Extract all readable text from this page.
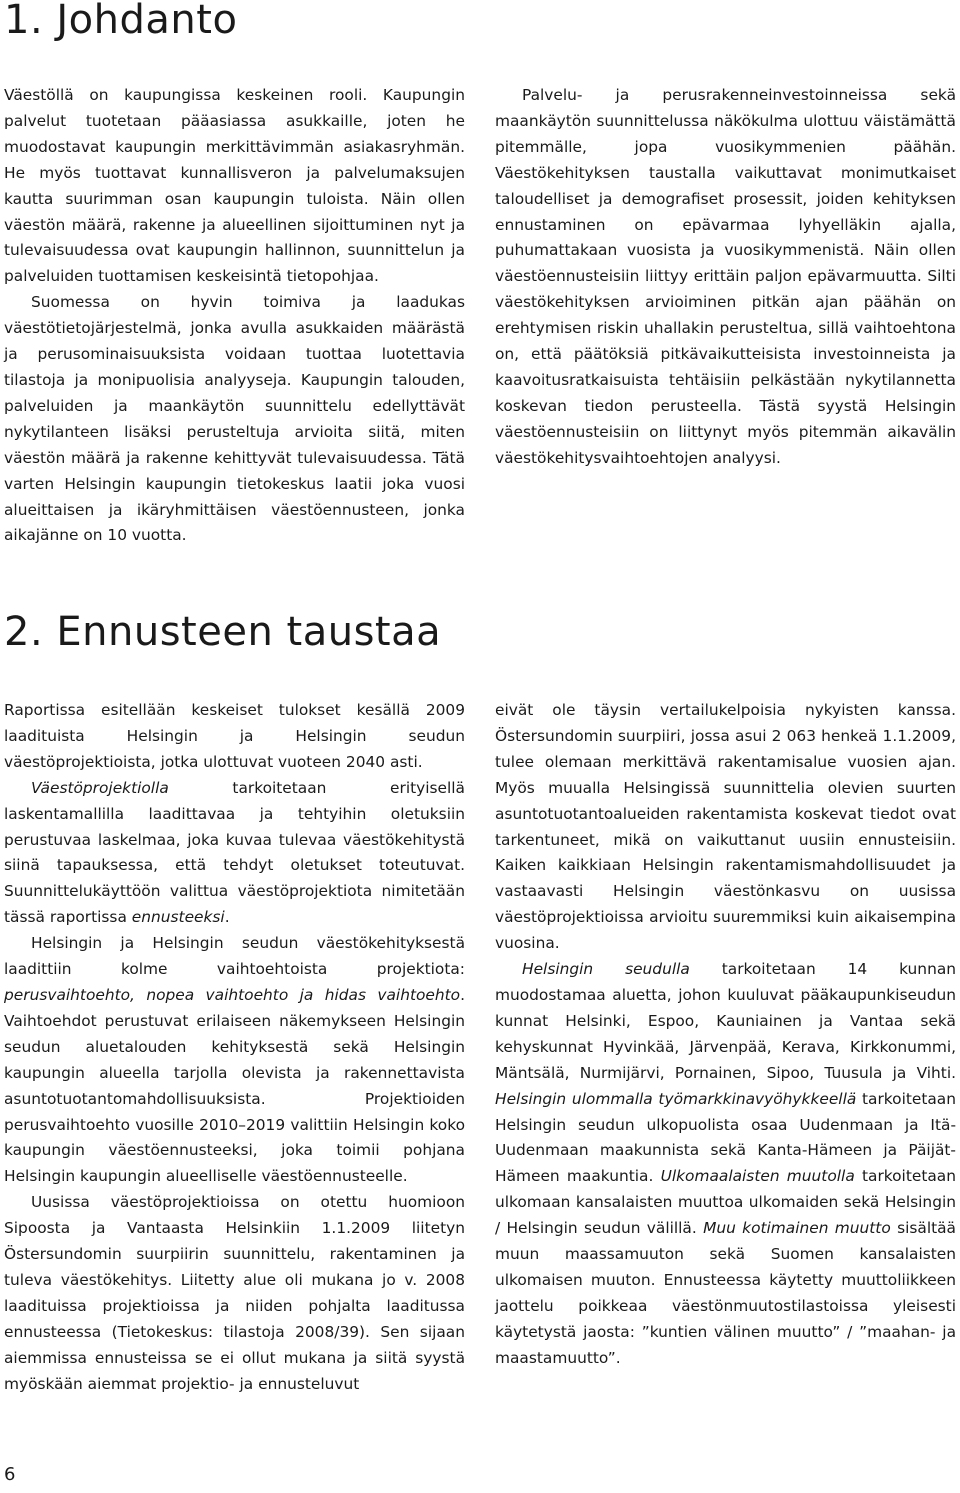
1. Johdanto

Väestöllä on kaupungissa keskeinen rooli. Kaupungin palvelut tuotetaan pääasiassa asukkaille, joten he muodostavat kaupungin merkittävimmän asiakasryhmän. He myös tuottavat kunnallisveron ja palvelumaksujen kautta suurimman osan kaupungin tuloista. Näin ollen väestön määrä, rakenne ja alueellinen sijoittuminen nyt ja tulevaisuudessa ovat kaupungin hallinnon, suunnittelun ja palveluiden tuottamisen keskeisintä tietopohjaa.

Suomessa on hyvin toimiva ja laadukas väestötietojärjestelmä, jonka avulla asukkaiden määrästä ja perusominaisuuksista voidaan tuottaa luotettavia tilastoja ja monipuolisia analyyseja. Kaupungin talouden, palveluiden ja maankäytön suunnittelu edellyttävät nykytilanteen lisäksi perusteltuja arvioita siitä, miten väestön määrä ja rakenne kehittyvät tulevaisuudessa. Tätä varten Helsingin kaupungin tietokeskus laatii joka vuosi alueittaisen ja ikäryhmittäisen väestöennusteen, jonka aikajänne on 10 vuotta.

Palvelu- ja perusrakenneinvestoinneissa sekä maankäytön suunnittelussa näkökulma ulottuu väistämättä pitemmälle, jopa vuosikymmenien päähän. Väestökehityksen taustalla vaikuttavat monimutkaiset taloudelliset ja demografiset prosessit, joiden kehityksen ennustaminen on epävarmaa lyhyelläkin ajalla, puhumattakaan vuosista ja vuosikymmenistä. Näin ollen väestöennusteisiin liittyy erittäin paljon epävarmuutta. Silti väestökehityksen arvioiminen pitkän ajan päähän on erehtymisen riskin uhallakin perusteltua, sillä vaihtoehtona on, että päätöksiä pitkävaikutteisista investoinneista ja kaavoitusratkaisuista tehtäisiin pelkästään nykytilannetta koskevan tiedon perusteella. Tästä syystä Helsingin väestöennusteisiin on liittynyt myös pitemmän aikavälin väestökehitysvaihtoehtojen analyysi.

2. Ennusteen taustaa

Raportissa esitellään keskeiset tulokset kesällä 2009 laadituista Helsingin ja Helsingin seudun väestöprojektioista, jotka ulottuvat vuoteen 2040 asti.

Väestöprojektiolla tarkoitetaan erityisellä laskentamallilla laadittavaa ja tehtyihin oletuksiin perustuvaa laskelmaa, joka kuvaa tulevaa väestökehitystä siinä tapauksessa, että tehdyt oletukset toteutuvat. Suunnittelukäyttöön valittua väestöprojektiota nimitetään tässä raportissa ennusteeksi.

Helsingin ja Helsingin seudun väestökehityksestä laadittiin kolme vaihtoehtoista projektiota: perusvaihtoehto, nopea vaihtoehto ja hidas vaihtoehto. Vaihtoehdot perustuvat erilaiseen näkemykseen Helsingin seudun aluetalouden kehityksestä sekä Helsingin kaupungin alueella tarjolla olevista ja rakennettavista asuntotuotantomahdollisuuksista. Projektioiden perusvaihtoehto vuosille 2010–2019 valittiin Helsingin koko kaupungin väestöennusteeksi, joka toimii pohjana Helsingin kaupungin alueelliselle väestöennusteelle.

Uusissa väestöprojektioissa on otettu huomioon Sipoosta ja Vantaasta Helsinkiin 1.1.2009 liitetyn Östersundomin suurpiirin suunnittelu, rakentaminen ja tuleva väestökehitys. Liitetty alue oli mukana jo v. 2008 laadituissa projektioissa ja niiden pohjalta laaditussa ennusteessa (Tietokeskus: tilastoja 2008/39). Sen sijaan aiemmissa ennusteissa se ei ollut mukana ja siitä syystä myöskään aiemmat projektio- ja ennusteluvut

eivät ole täysin vertailukelpoisia nykyisten kanssa. Östersundomin suurpiiri, jossa asui 2 063 henkeä 1.1.2009, tulee olemaan merkittävä rakentamisalue vuosien ajan. Myös muualla Helsingissä suunnittelia olevien suurten asuntotuotantoalueiden rakentamista koskevat tiedot ovat tarkentuneet, mikä on vaikuttanut uusiin ennusteisiin. Kaiken kaikkiaan Helsingin rakentamismahdollisuudet ja vastaavasti Helsingin väestönkasvu on uusissa väestöprojektioissa arvioitu suuremmiksi kuin aikaisempina vuosina.

Helsingin seudulla tarkoitetaan 14 kunnan muodostamaa aluetta, johon kuuluvat pääkaupunkiseudun kunnat Helsinki, Espoo, Kauniainen ja Vantaa sekä kehyskunnat Hyvinkää, Järvenpää, Kerava, Kirkkonummi, Mäntsälä, Nurmijärvi, Pornainen, Sipoo, Tuusula ja Vihti. Helsingin ulommalla työmarkkinavyöhykkeellä tarkoitetaan Helsingin seudun ulkopuolista osaa Uudenmaan ja Itä-Uudenmaan maakunnista sekä Kanta-Hämeen ja Päijät-Hämeen maakuntia. Ulkomaalaisten muutolla tarkoitetaan ulkomaan kansalaisten muuttoa ulkomaiden sekä Helsingin / Helsingin seudun välillä. Muu kotimainen muutto sisältää muun maassamuuton sekä Suomen kansalaisten ulkomaisen muuton. Ennusteessa käytetty muuttoliikkeen jaottelu poikkeaa väestönmuutostilastoissa yleisesti käytetystä jaosta: ”kuntien välinen muutto” / ”maahan- ja maastamuutto”.

6
